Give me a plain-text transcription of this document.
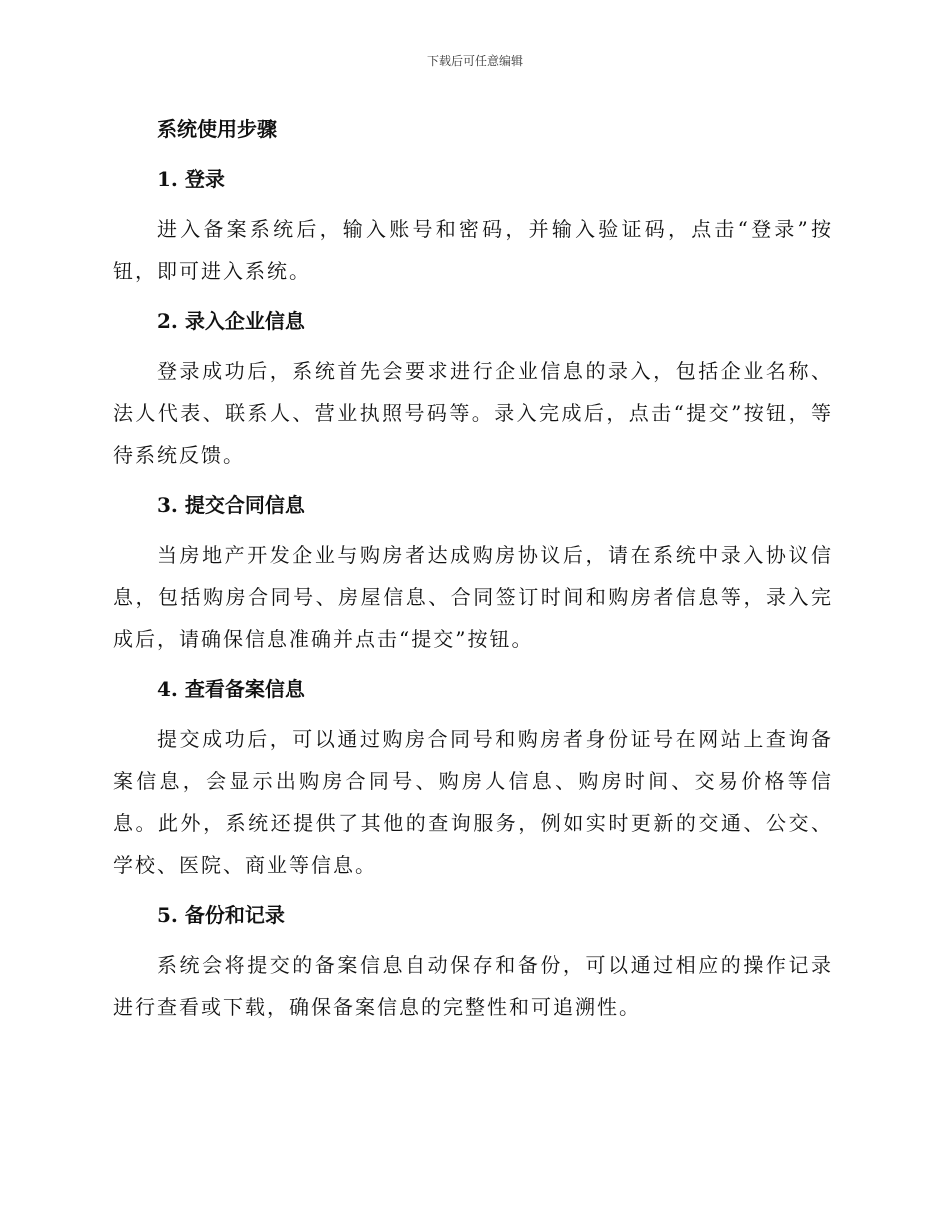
下载后可任意编辑
系统使用步骤
1. 登录

进入备案系统后，输入账号和密码，并输入验证码，点击“登录”按钮，即可进入系统。

2. 录入企业信息

登录成功后，系统首先会要求进行企业信息的录入，包括企业名称、法人代表、联系人、营业执照号码等。录入完成后，点击“提交”按钮，等待系统反馈。

3. 提交合同信息

当房地产开发企业与购房者达成购房协议后，请在系统中录入协议信息，包括购房合同号、房屋信息、合同签订时间和购房者信息等，录入完成后，请确保信息准确并点击“提交”按钮。

4. 查看备案信息

提交成功后，可以通过购房合同号和购房者身份证号在网站上查询备案信息，会显示出购房合同号、购房人信息、购房时间、交易价格等信息。此外，系统还提供了其他的查询服务，例如实时更新的交通、公交、学校、医院、商业等信息。

5. 备份和记录

系统会将提交的备案信息自动保存和备份，可以通过相应的操作记录进行查看或下载，确保备案信息的完整性和可追溯性。
